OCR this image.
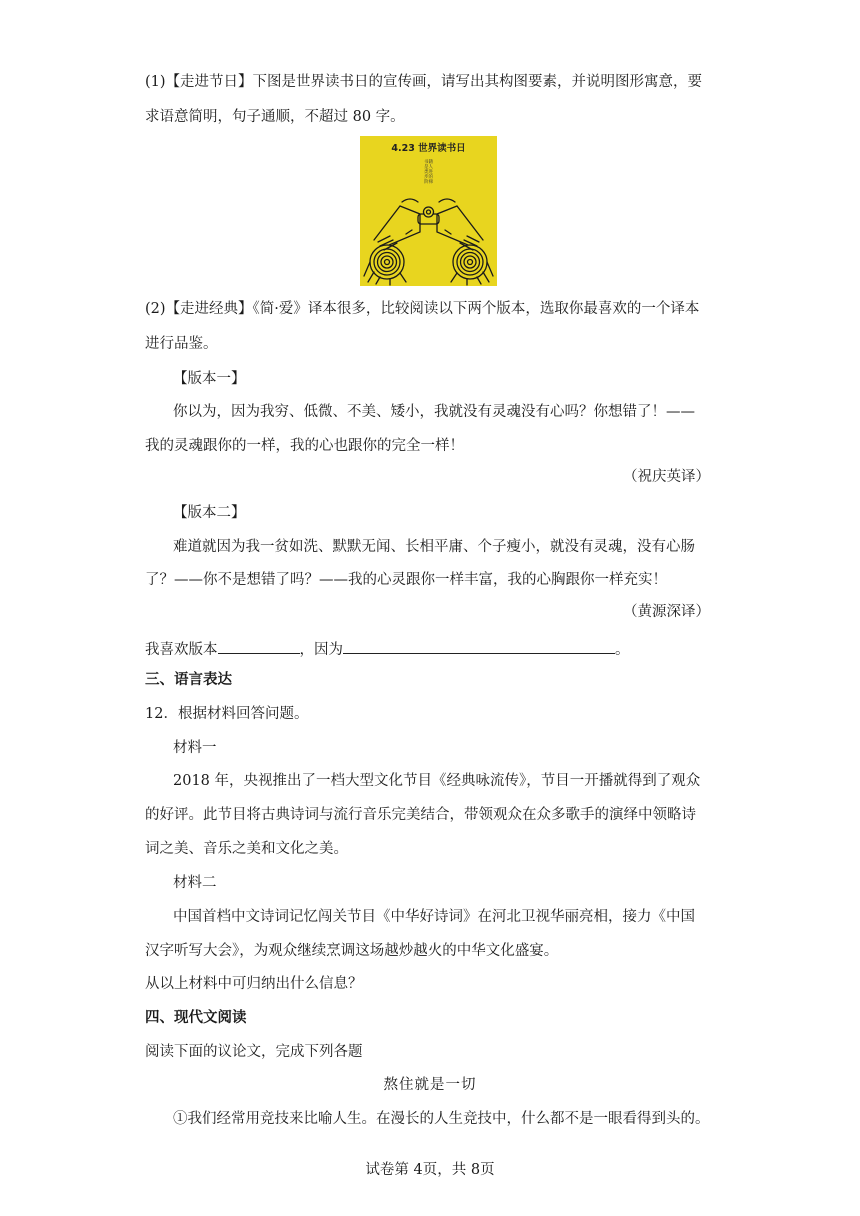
(1)【走进节日】下图是世界读书日的宣传画，请写出其构图要素，并说明图形寓意，要
求语意简明，句子通顺，不超过 80 字。
4.23 世界读书日
书籍是人类进步的阶梯
(2)【走进经典】《简·爱》译本很多，比较阅读以下两个版本，选取你最喜欢的一个译本
进行品鉴。
【版本一】
你以为，因为我穷、低微、不美、矮小，我就没有灵魂没有心吗？你想错了！——
我的灵魂跟你的一样，我的心也跟你的完全一样！
（祝庆英译）
【版本二】
难道就因为我一贫如洗、默默无闻、长相平庸、个子瘦小，就没有灵魂，没有心肠
了？——你不是想错了吗？——我的心灵跟你一样丰富，我的心胸跟你一样充实！
（黄源深译）
我喜欢版本	，因为	。
三、语言表达
12．根据材料回答问题。
材料一
2018 年，央视推出了一档大型文化节目《经典咏流传》，节目一开播就得到了观众
的好评。此节目将古典诗词与流行音乐完美结合，带领观众在众多歌手的演绎中领略诗
词之美、音乐之美和文化之美。
材料二
中国首档中文诗词记忆闯关节目《中华好诗词》在河北卫视华丽亮相，接力《中国
汉字听写大会》，为观众继续烹调这场越炒越火的中华文化盛宴。
从以上材料中可归纳出什么信息？
四、现代文阅读
阅读下面的议论文，完成下列各题
熬住就是一切
①我们经常用竞技来比喻人生。在漫长的人生竞技中，什么都不是一眼看得到头的。
试卷第 4页，共 8页
